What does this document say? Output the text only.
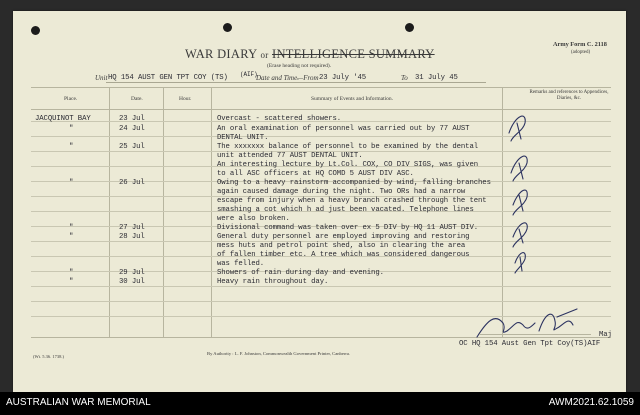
WAR DIARY or INTELLIGENCE SUMMARY
(Erase heading not required).
Army Form C. 2118
(adopted)
Unit HQ 154 AUST GEN TPT COY (TS) (AIF)
Date and Time.
—From 23 July '45	To 31 July 45
Place.	Date.	Hour.	Summary of Events and Information.
Remarks and references to Appendices, Diaries, &c.
JACQUINOT BAY	23 Jul	Overcast - scattered showers.
"	24 Jul	An oral examination of personnel was carried out by 77 AUST
DENTAL UNIT.
"	25 Jul	The xxxxxxx balance of personnel to be examined by the dental
unit attended 77 AUST DENTAL UNIT.
An interesting lecture by Lt.Col. COX, CO DIV SIGS, was given
to all ASC officers at HQ COMD 5 AUST DIV ASC.
"	26 Jul	Owing to a heavy rainstorm accompanied by wind, falling branches
again caused damage during the night. Two ORs had a narrow
escape from injury when a heavy branch crashed through the tent
smashing a cot which h ad just been vacated. Telephone lines
were also broken.
"	27 Jul	Divisional command was taken over ex 5 DIV by HQ 11 AUST DIV.
"	28 Jul	General duty personnel are employed improving and restoring
mess huts and petrol point shed, also in clearing the area
of fallen timber etc. A tree which was considered dangerous
was felled.
"	29 Jul	Showers of rain during day and evening.
"	30 Jul	Heavy rain throughout day.
Maj
OC HQ 154 Aust Gen Tpt Coy(TS)AIF
(Wt. 5.36. 1738.)
By Authority : L. F. Johnston, Commonwealth Government Printer, Canberra.
AUSTRALIAN WAR MEMORIAL	AWM2021.62.1059
